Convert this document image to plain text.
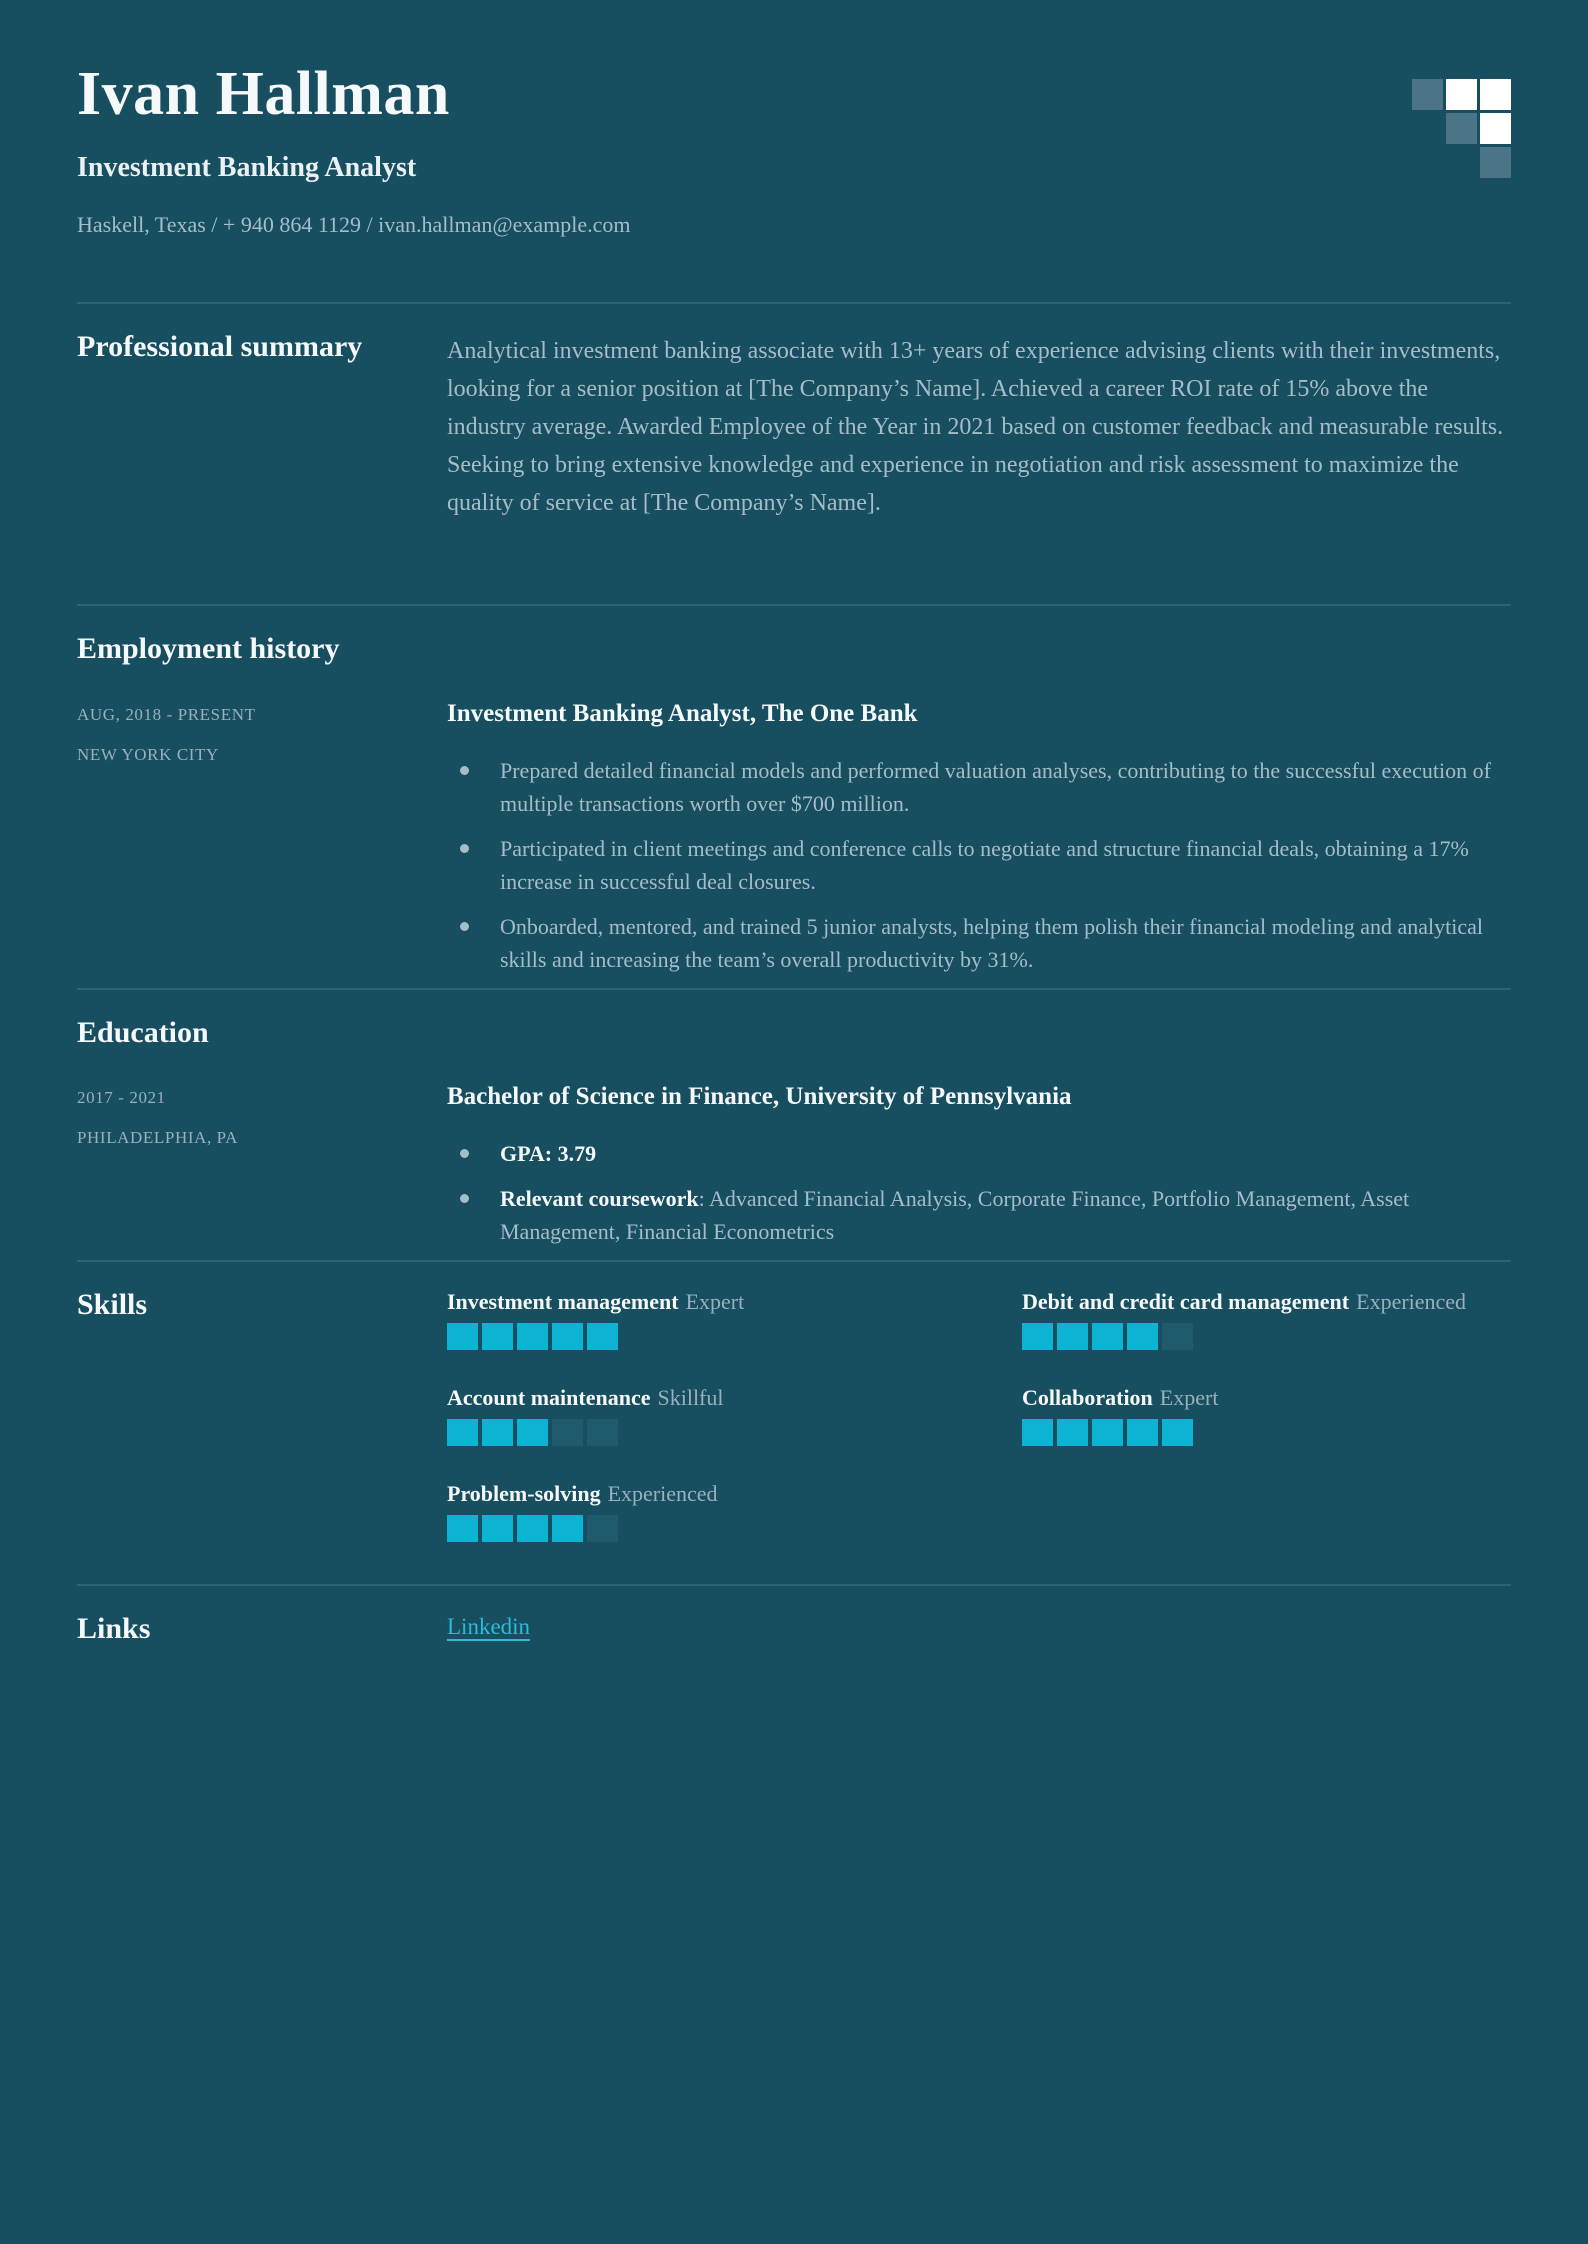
Ivan Hallman
Investment Banking Analyst
Haskell, Texas / + 940 864 1129 / ivan.hallman@example.com
Professional summary	Analytical investment banking associate with 13+ years of experience advising clients with their investments, looking for a senior position at [The Company’s Name]. Achieved a career ROI rate of 15% above the industry average. Awarded Employee of the Year in 2021 based on customer feedback and measurable results. Seeking to bring extensive knowledge and experience in negotiation and risk assessment to maximize the quality of service at [The Company’s Name].

Employment history
AUG, 2018 - PRESENT
NEW YORK CITY
Investment Banking Analyst, The One Bank
Prepared detailed financial models and performed valuation analyses, contributing to the successful execution of multiple transactions worth over $700 million.
Participated in client meetings and conference calls to negotiate and structure financial deals, obtaining a 17% increase in successful deal closures.
Onboarded, mentored, and trained 5 junior analysts, helping them polish their financial modeling and analytical skills and increasing the team’s overall productivity by 31%.
Education
2017 - 2021
PHILADELPHIA, PA
Bachelor of Science in Finance, University of Pennsylvania
GPA: 3.79
Relevant coursework: Advanced Financial Analysis, Corporate Finance, Portfolio Management, Asset Management, Financial Econometrics
Skills	Investment management Expert
Account maintenance Skillful
Problem-solving Experienced
Debit and credit card management Experienced
Collaboration Expert
Links	Linkedin
